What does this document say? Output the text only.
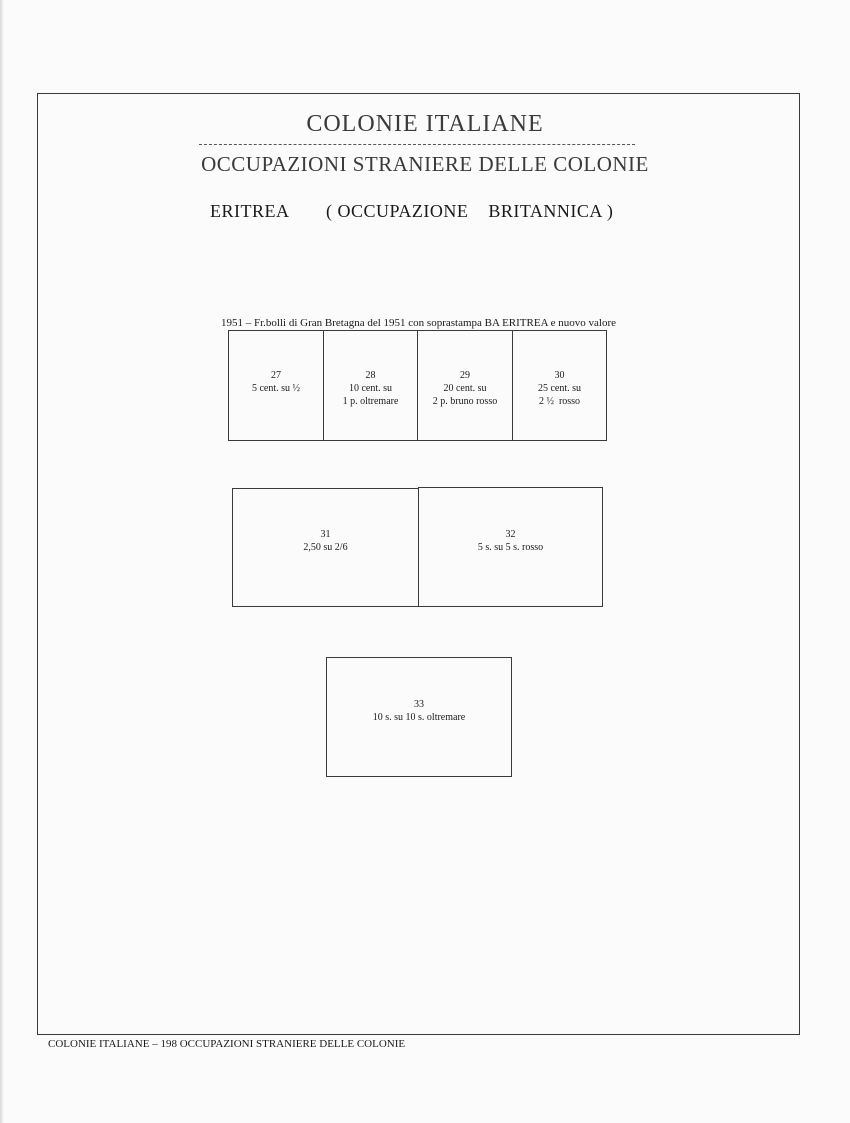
COLONIE ITALIANE
OCCUPAZIONI STRANIERE DELLE COLONIE
ERITREA ( OCCUPAZIONE    BRITANNICA )
1951 – Fr.bolli di Gran Bretagna del 1951 con soprastampa BA ERITREA e nuovo valore
27
5 cent. su ½
28
10 cent. su
1 p. oltremare
29
20 cent. su
2 p. bruno rosso
30
25 cent. su
2 ½  rosso
31
2,50 su 2/6
32
5 s. su 5 s. rosso
33
10 s. su 10 s. oltremare
COLONIE ITALIANE – 198 OCCUPAZIONI STRANIERE DELLE COLONIE
